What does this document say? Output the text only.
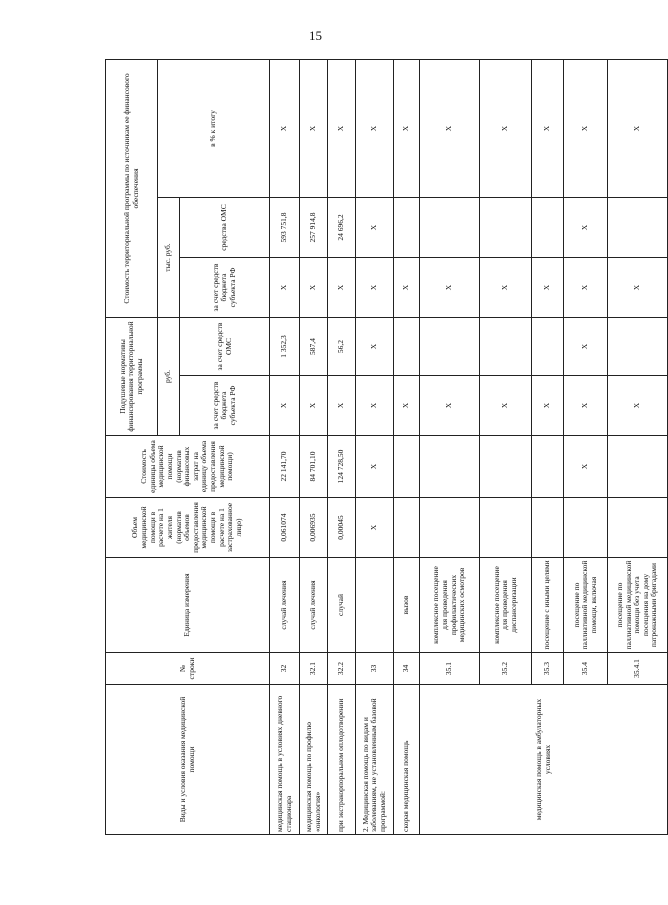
15
Виды и условия оказания медицинской помощи	№ строки	Единица измерения	Объем медицинской помощи в расчете на 1 жителя (норматив объемов предоставления медицинской помощи в расчете на 1 застрахованное лицо)	Стоимость единицы объема медицинской помощи (норматив финансовых затрат на единицу объема предоставления медицинской помощи)	Подушевые нормативы финансирования территориальной программы		Стоимость территориальной программы по источникам ее финансового обеспечения		
					руб.		тыс. руб.		в % к итогу
					за счет средств бюджета субъекта РФ	за счет средств ОМС	за счет средств бюджета субъекта РФ	средства ОМС	
медицинская помощь в условиях дневного стационара	32	случай лечения	0,061074	22 141,70	X	1 352,3	X	593 751,8	X
медицинская помощь по профилю «онкология»	32.1	случай лечения	0,006935	84 701,10	X	587,4	X	257 914,8	X
при экстракорпоральном оплодотворении	32.2	случай	0,00045	124 728,50	X	56,2	X	24 696,2	X
2. Медицинская помощь по видам и заболеваниям, не установленным базовой программой:	33		X	X	X	X	X	X	X
скорая медицинская помощь	34	вызов			X		X		X
медицинская помощь в амбулаторных условиях	35.1	комплексное посещение для проведения профилактических медицинских осмотров			X		X		X
	35.2	комплексное посещение для проведения диспансеризации			X		X		X
	35.3	посещение с иными целями			X		X		X
	35.4	посещение по паллиативной медицинской помощи, включая		X	X	X	X	X	X
	35.4.1	посещение по паллиативной медицинской помощи без учета посещения на дому патронажными бригадами			X		X		X
